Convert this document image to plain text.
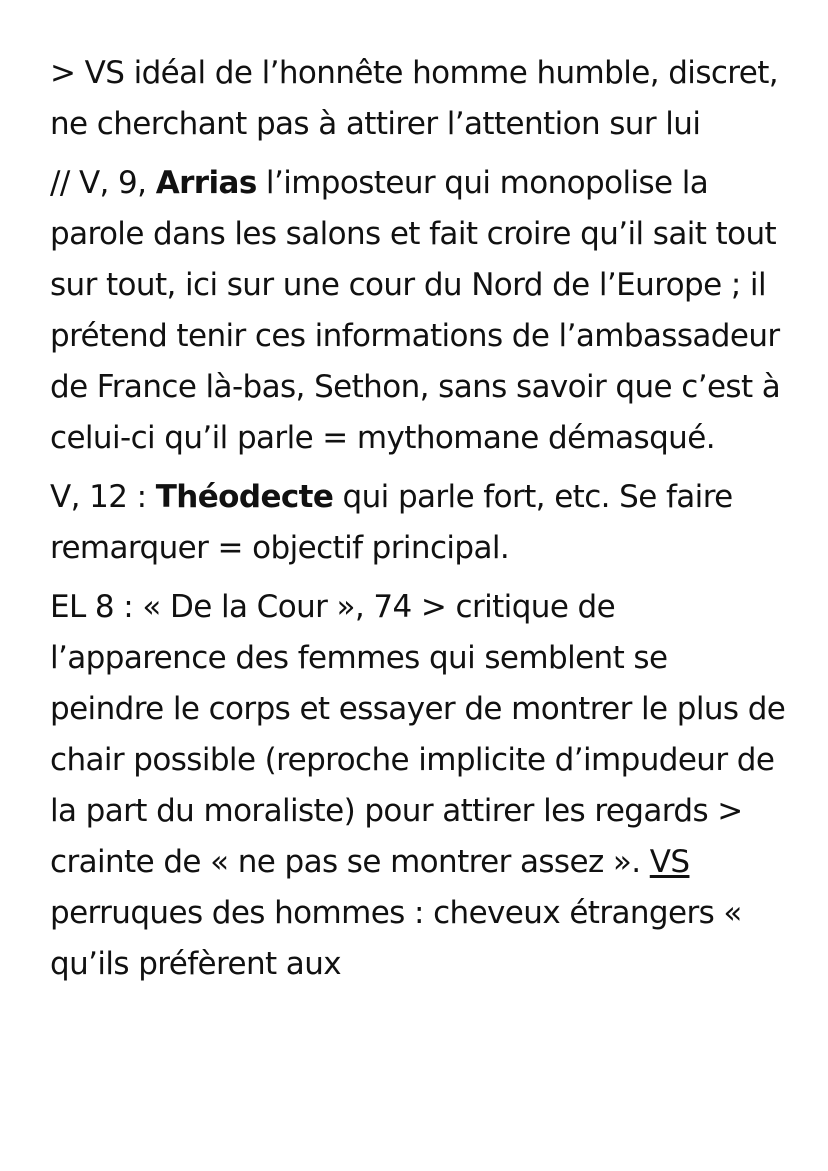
> VS idéal de l’honnête homme humble, discret, ne cherchant pas à attirer l’attention sur lui

// V, 9, Arrias l’imposteur qui monopolise la parole dans les salons et fait croire qu’il sait tout sur tout, ici sur une cour du Nord de l’Europe ; il prétend tenir ces informations de l’ambassadeur de France là-bas, Sethon, sans savoir que c’est à celui-ci qu’il parle = mythomane démasqué.

V, 12 : Théodecte qui parle fort, etc. Se faire remarquer = objectif principal.

EL 8 : « De la Cour », 74 > critique de l’apparence des femmes qui semblent se peindre le corps et essayer de montrer le plus de chair possible (reproche implicite d’impudeur de la part du moraliste) pour attirer les regards > crainte de « ne pas se montrer assez ». VS perruques des hommes : cheveux étrangers « qu’ils préfèrent aux
